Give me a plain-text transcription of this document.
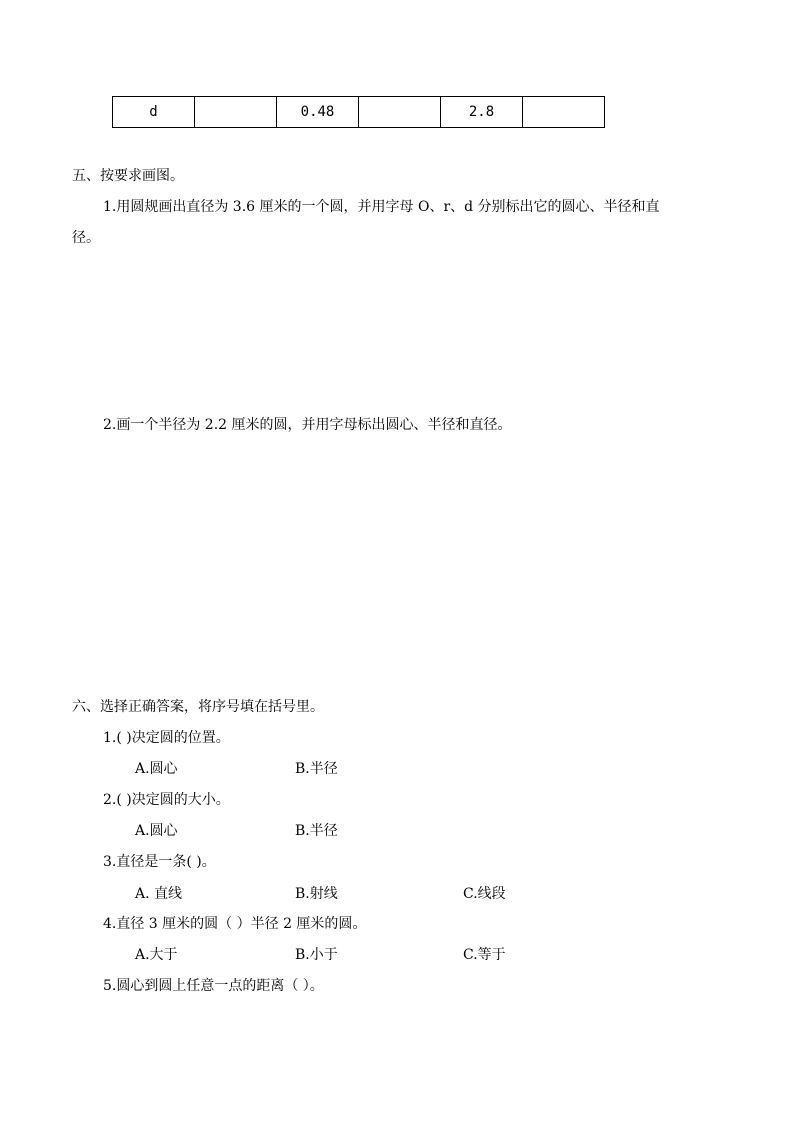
d		0.48		2.8	
五、按要求画图。
1.用圆规画出直径为 3.6 厘米的一个圆，并用字母 O、r、d 分别标出它的圆心、半径和直
径。
2.画一个半径为 2.2 厘米的圆，并用字母标出圆心、半径和直径。
六、选择正确答案，将序号填在括号里。
1.( )决定圆的位置。
A.圆心	B.半径
2.( )决定圆的大小。
A.圆心	B.半径
3.直径是一条( )。
A. 直线	B.射线	C.线段
4.直径 3 厘米的圆（ ）半径 2 厘米的圆。
A.大于	B.小于	C.等于
5.圆心到圆上任意一点的距离（ ）。
